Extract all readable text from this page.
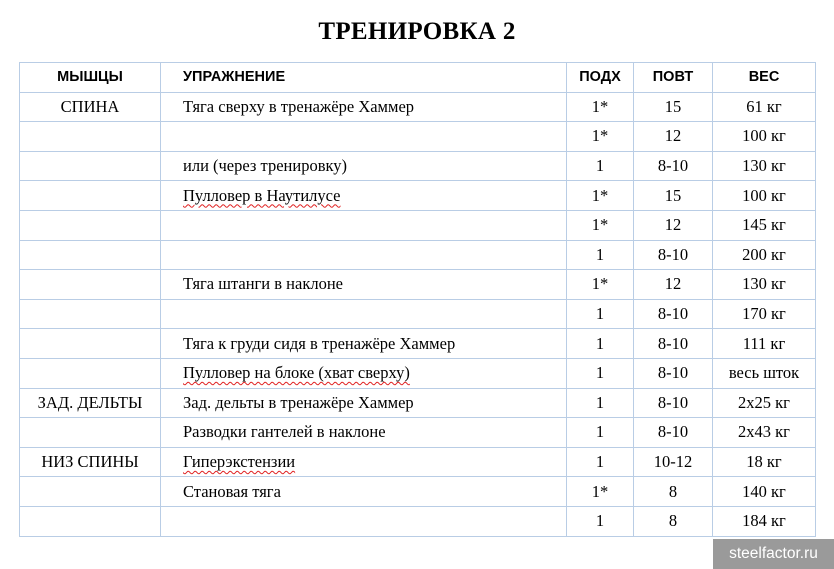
ТРЕНИРОВКА 2
МЫШЦЫ	УПРАЖНЕНИЕ	ПОДХ	ПОВТ	ВЕС
СПИНА	Тяга сверху в тренажёре Хаммер	1*	15	61 кг
		1*	12	100 кг
	или (через тренировку)	1	8-10	130 кг
	Пулловер в Наутилусе	1*	15	100 кг
		1*	12	145 кг
		1	8-10	200 кг
	Тяга штанги в наклоне	1*	12	130 кг
		1	8-10	170 кг
	Тяга к груди сидя в тренажёре Хаммер	1	8-10	111 кг
	Пулловер на блоке (хват сверху)	1	8-10	весь шток
ЗАД. ДЕЛЬТЫ	Зад. дельты в тренажёре Хаммер	1	8-10	2х25 кг
	Разводки гантелей в наклоне	1	8-10	2х43 кг
НИЗ СПИНЫ	Гиперэкстензии	1	10-12	18 кг
	Становая тяга	1*	8	140 кг
		1	8	184 кг
steelfactor.ru
